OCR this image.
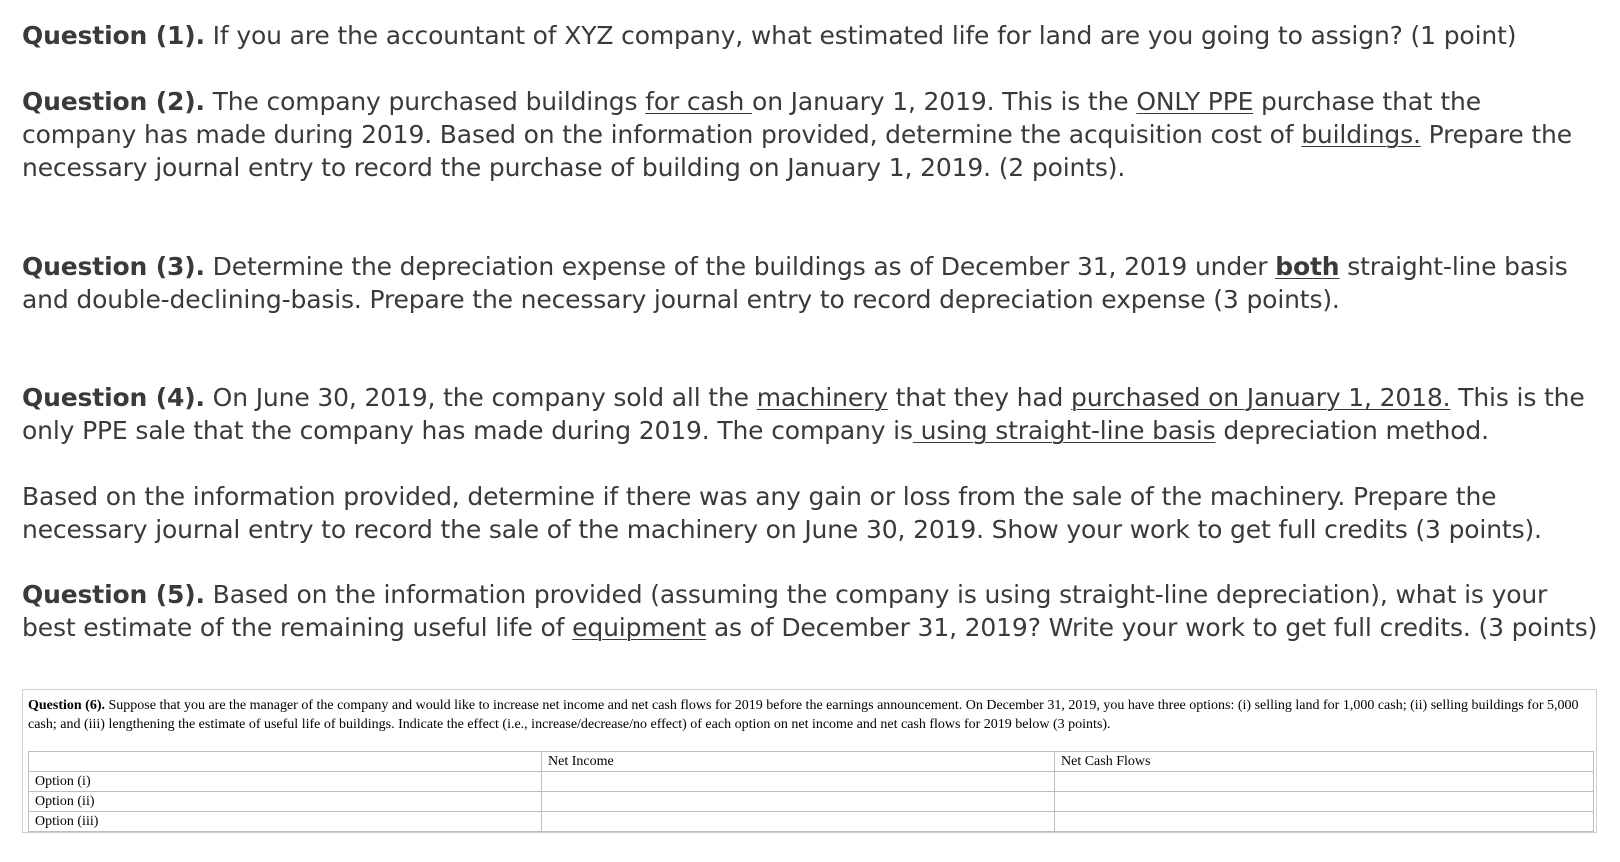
Question (1). If you are the accountant of XYZ company, what estimated life for land are you going to assign? (1 point)
Question (2). The company purchased buildings for cash on January 1, 2019. This is the ONLY PPE purchase that the company has made during 2019. Based on the information provided, determine the acquisition cost of buildings. Prepare the necessary journal entry to record the purchase of building on January 1, 2019. (2 points).
Question (3). Determine the depreciation expense of the buildings as of December 31, 2019 under both straight-line basis and double-declining-basis. Prepare the necessary journal entry to record depreciation expense (3 points).
Question (4). On June 30, 2019, the company sold all the machinery that they had purchased on January 1, 2018. This is the only PPE sale that the company has made during 2019. The company is using straight-line basis depreciation method.
Based on the information provided, determine if there was any gain or loss from the sale of the machinery. Prepare the necessary journal entry to record the sale of the machinery on June 30, 2019. Show your work to get full credits (3 points).
Question (5). Based on the information provided (assuming the company is using straight-line depreciation), what is your best estimate of the remaining useful life of equipment as of December 31, 2019? Write your work to get full credits. (3 points)
Question (6). Suppose that you are the manager of the company and would like to increase net income and net cash flows for 2019 before the earnings announcement. On December 31, 2019, you have three options: (i) selling land for 1,000 cash; (ii) selling buildings for 5,000 cash; and (iii) lengthening the estimate of useful life of buildings. Indicate the effect (i.e., increase/decrease/no effect) of each option on net income and net cash flows for 2019 below (3 points).
	Net Income	Net Cash Flows
Option (i)		
Option (ii)		
Option (iii)		
